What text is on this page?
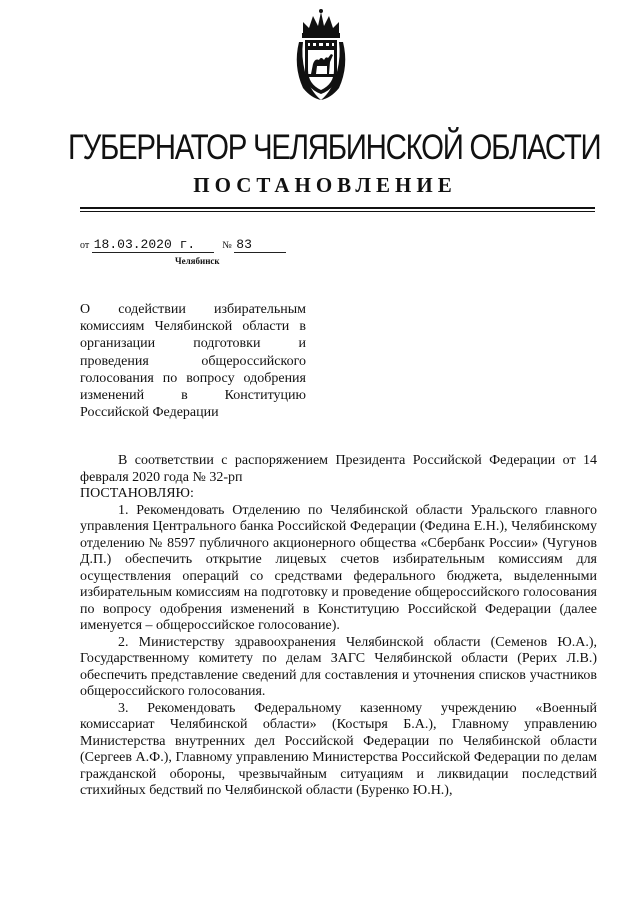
ГУБЕРНАТОР ЧЕЛЯБИНСКОЙ ОБЛАСТИ
ПОСТАНОВЛЕНИЕ
от 18.03.2020 г.	№ 83
Челябинск
О содействии избирательным комиссиям Челябинской области в организации подготовки и проведения общероссийского голосования по вопросу одобрения изменений в Конституцию Российской Федерации

В соответствии с распоряжением Президента Российской Федерации от 14 февраля 2020 года № 32-рп

ПОСТАНОВЛЯЮ:

1. Рекомендовать Отделению по Челябинской области Уральского главного управления Центрального банка Российской Федерации (Федина Е.Н.), Челябинскому отделению № 8597 публичного акционерного общества «Сбербанк России» (Чугунов Д.П.) обеспечить открытие лицевых счетов избирательным комиссиям для осуществления операций со средствами федерального бюджета, выделенными избирательным комиссиям на подготовку и проведение общероссийского голосования по вопросу одобрения изменений в Конституцию Российской Федерации (далее именуется – общероссийское голосование).

2. Министерству здравоохранения Челябинской области (Семенов Ю.А.), Государственному комитету по делам ЗАГС Челябинской области (Рерих Л.В.) обеспечить представление сведений для составления и уточнения списков участников общероссийского голосования.

3. Рекомендовать Федеральному казенному учреждению «Военный комиссариат Челябинской области» (Костыря Б.А.), Главному управлению Министерства внутренних дел Российской Федерации по Челябинской области (Сергеев А.Ф.), Главному управлению Министерства Российской Федерации по делам гражданской обороны, чрезвычайным ситуациям и ликвидации последствий стихийных бедствий по Челябинской области (Буренко Ю.Н.),
